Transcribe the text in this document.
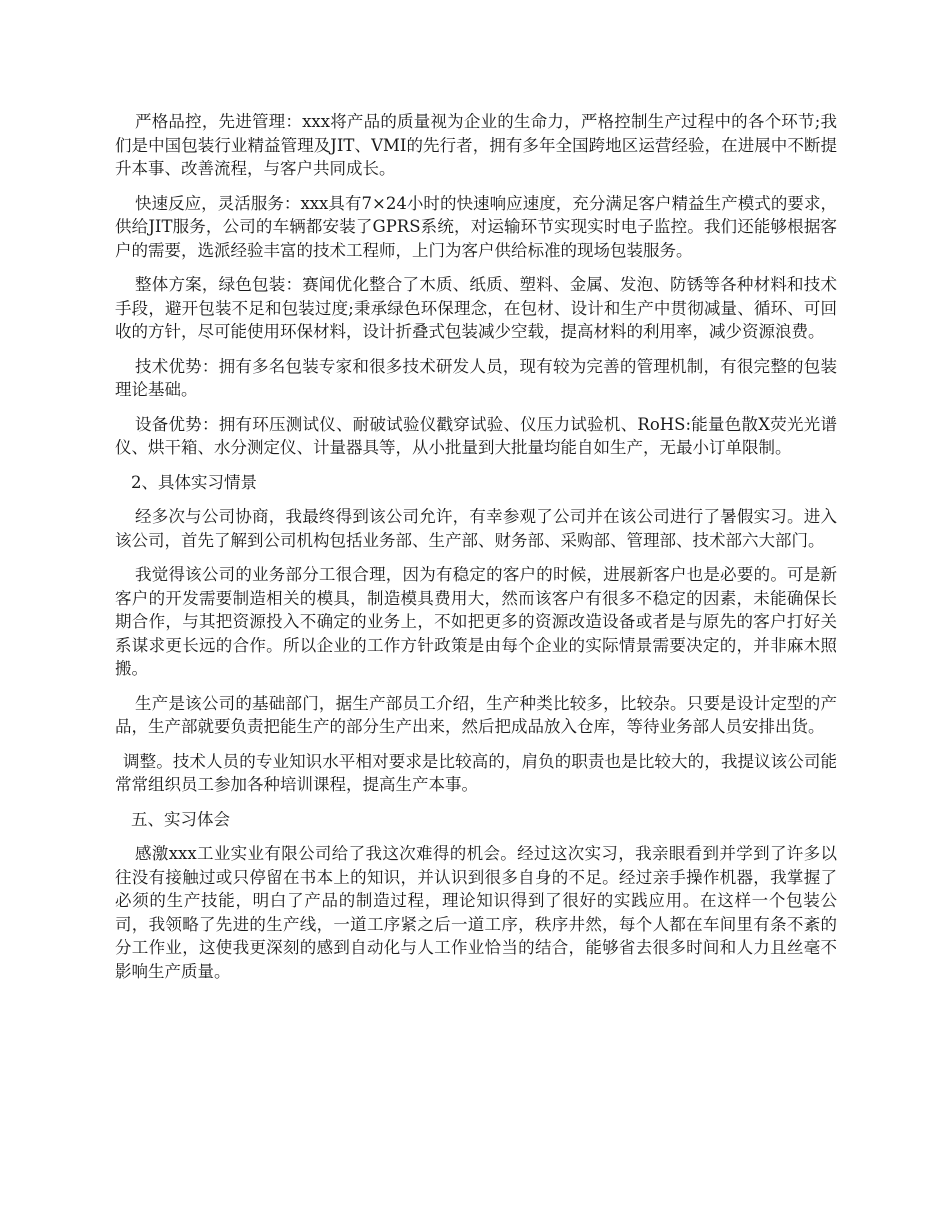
严格品控，先进管理：xxx将产品的质量视为企业的生命力，严格控制生产过程中的各个环节;我们是中国包装行业精益管理及JIT、VMI的先行者，拥有多年全国跨地区运营经验，在进展中不断提升本事、改善流程，与客户共同成长。

快速反应，灵活服务：xxx具有7×24小时的快速响应速度，充分满足客户精益生产模式的要求，供给JIT服务，公司的车辆都安装了GPRS系统，对运输环节实现实时电子监控。我们还能够根据客户的需要，选派经验丰富的技术工程师，上门为客户供给标准的现场包装服务。

整体方案，绿色包装：赛闻优化整合了木质、纸质、塑料、金属、发泡、防锈等各种材料和技术手段，避开包装不足和包装过度;秉承绿色环保理念，在包材、设计和生产中贯彻减量、循环、可回收的方针，尽可能使用环保材料，设计折叠式包装减少空载，提高材料的利用率，减少资源浪费。

技术优势：拥有多名包装专家和很多技术研发人员，现有较为完善的管理机制，有很完整的包装理论基础。

设备优势：拥有环压测试仪、耐破试验仪戳穿试验、仪压力试验机、RoHS:能量色散X荧光光谱仪、烘干箱、水分测定仪、计量器具等，从小批量到大批量均能自如生产，无最小订单限制。

2、具体实习情景

经多次与公司协商，我最终得到该公司允许，有幸参观了公司并在该公司进行了暑假实习。进入该公司，首先了解到公司机构包括业务部、生产部、财务部、采购部、管理部、技术部六大部门。

我觉得该公司的业务部分工很合理，因为有稳定的客户的时候，进展新客户也是必要的。可是新客户的开发需要制造相关的模具，制造模具费用大，然而该客户有很多不稳定的因素，未能确保长期合作，与其把资源投入不确定的业务上，不如把更多的资源改造设备或者是与原先的客户打好关系谋求更长远的合作。所以企业的工作方针政策是由每个企业的实际情景需要决定的，并非麻木照搬。

生产是该公司的基础部门，据生产部员工介绍，生产种类比较多，比较杂。只要是设计定型的产品，生产部就要负责把能生产的部分生产出来，然后把成品放入仓库，等待业务部人员安排出货。

调整。技术人员的专业知识水平相对要求是比较高的，肩负的职责也是比较大的，我提议该公司能常常组织员工参加各种培训课程，提高生产本事。

五、实习体会

感激xxx工业实业有限公司给了我这次难得的机会。经过这次实习，我亲眼看到并学到了许多以往没有接触过或只停留在书本上的知识，并认识到很多自身的不足。经过亲手操作机器，我掌握了必须的生产技能，明白了产品的制造过程，理论知识得到了很好的实践应用。在这样一个包装公司，我领略了先进的生产线，一道工序紧之后一道工序，秩序井然，每个人都在车间里有条不紊的分工作业，这使我更深刻的感到自动化与人工作业恰当的结合，能够省去很多时间和人力且丝毫不影响生产质量。
